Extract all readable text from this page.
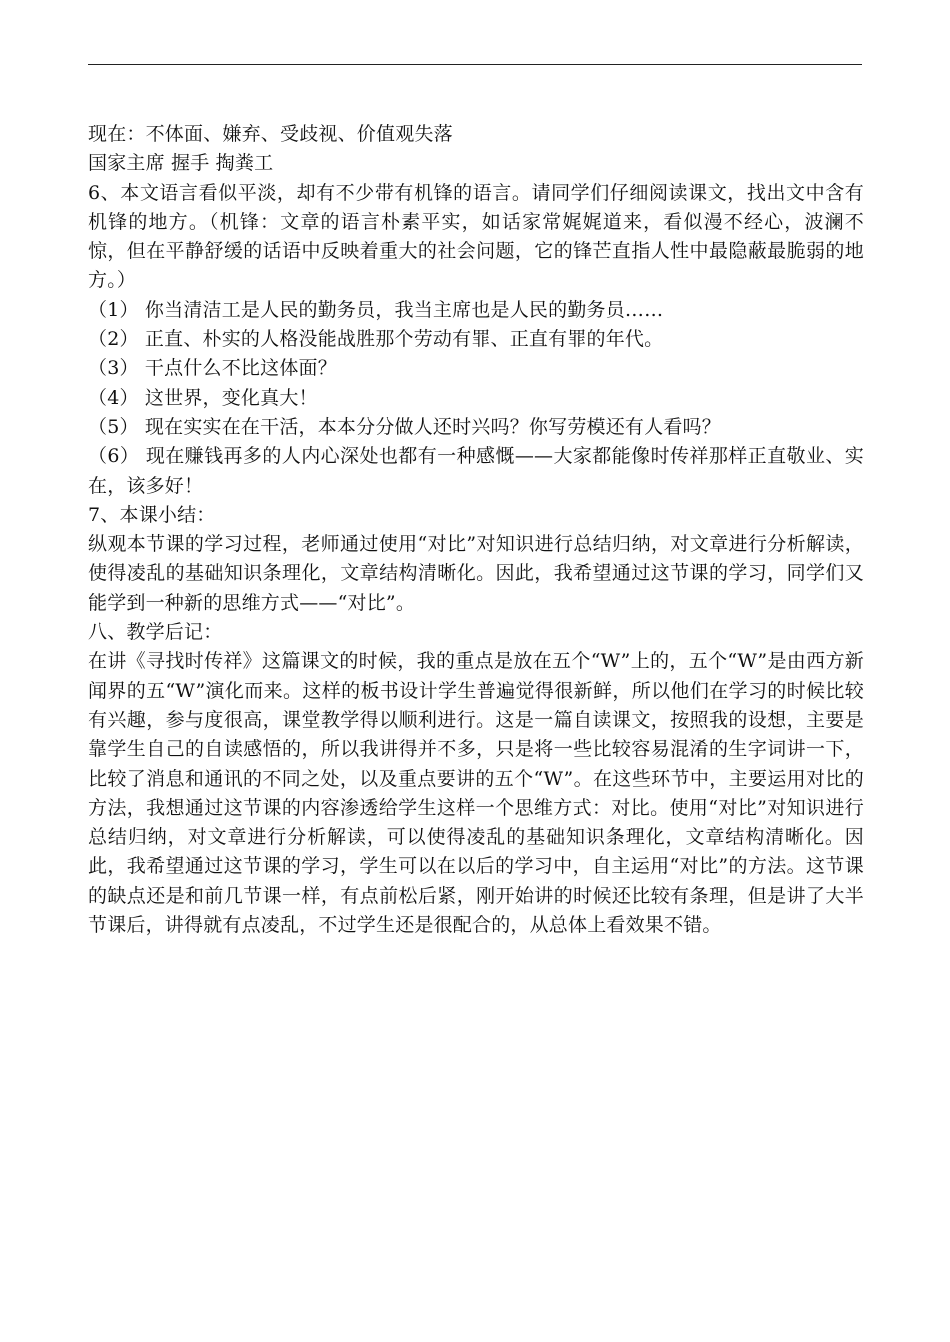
现在：不体面、嫌弃、受歧视、价值观失落

国家主席 握手 掏粪工

6、本文语言看似平淡，却有不少带有机锋的语言。请同学们仔细阅读课文，找出文中含有机锋的地方。（机锋：文章的语言朴素平实，如话家常娓娓道来，看似漫不经心，波澜不惊，但在平静舒缓的话语中反映着重大的社会问题，它的锋芒直指人性中最隐蔽最脆弱的地方。）

（1） 你当清洁工是人民的勤务员，我当主席也是人民的勤务员……

（2） 正直、朴实的人格没能战胜那个劳动有罪、正直有罪的年代。

（3） 干点什么不比这体面？

（4） 这世界，变化真大！

（5） 现在实实在在干活，本本分分做人还时兴吗？你写劳模还有人看吗？

（6） 现在赚钱再多的人内心深处也都有一种感慨——大家都能像时传祥那样正直敬业、实在，该多好！

7、本课小结：

纵观本节课的学习过程，老师通过使用“对比”对知识进行总结归纳，对文章进行分析解读，使得凌乱的基础知识条理化，文章结构清晰化。因此，我希望通过这节课的学习，同学们又能学到一种新的思维方式——“对比”。

八、教学后记：

在讲《寻找时传祥》这篇课文的时候，我的重点是放在五个“W”上的，五个“W”是由西方新闻界的五“W”演化而来。这样的板书设计学生普遍觉得很新鲜，所以他们在学习的时候比较有兴趣，参与度很高，课堂教学得以顺利进行。这是一篇自读课文，按照我的设想，主要是靠学生自己的自读感悟的，所以我讲得并不多，只是将一些比较容易混淆的生字词讲一下，比较了消息和通讯的不同之处，以及重点要讲的五个“W”。在这些环节中，主要运用对比的方法，我想通过这节课的内容渗透给学生这样一个思维方式：对比。使用“对比”对知识进行总结归纳，对文章进行分析解读，可以使得凌乱的基础知识条理化，文章结构清晰化。因此，我希望通过这节课的学习，学生可以在以后的学习中，自主运用“对比”的方法。这节课的缺点还是和前几节课一样，有点前松后紧，刚开始讲的时候还比较有条理，但是讲了大半节课后，讲得就有点凌乱，不过学生还是很配合的，从总体上看效果不错。
